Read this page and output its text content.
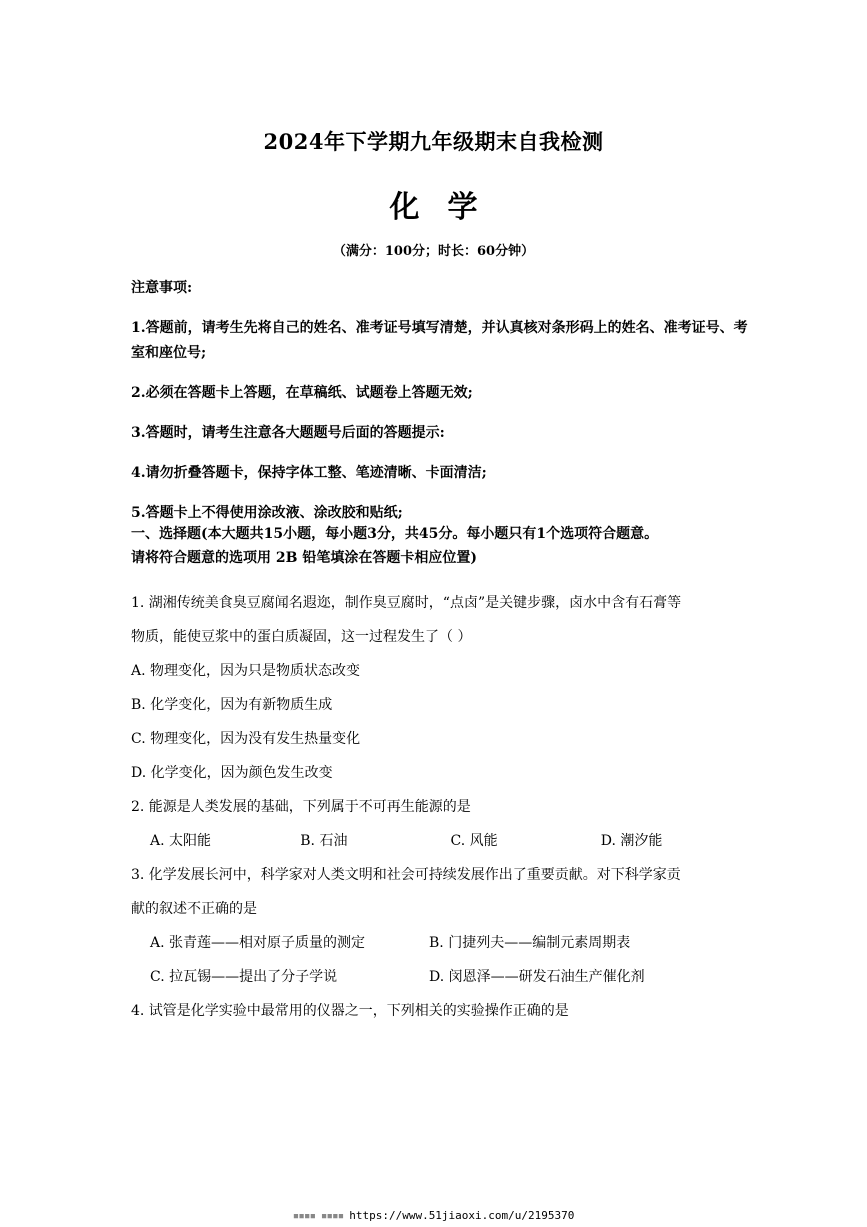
2024年下学期九年级期末自我检测
化学
（满分：100分；时长：60分钟）
注意事项:
1.答题前，请考生先将自己的姓名、准考证号填写清楚，并认真核对条形码上的姓名、准考证号、考室和座位号;
2.必须在答题卡上答题，在草稿纸、试题卷上答题无效;
3.答题时，请考生注意各大题题号后面的答题提示:
4.请勿折叠答题卡，保持字体工整、笔迹清晰、卡面清洁;
5.答题卡上不得使用涂改液、涂改胶和贴纸;
一、选择题(本大题共15小题，每小题3分，共45分。每小题只有1个选项符合题意。
请将符合题意的选项用 2B 铅笔填涂在答题卡相应位置)
1. 湖湘传统美食臭豆腐闻名遐迩，制作臭豆腐时，“点卤”是关键步骤，卤水中含有石膏等
物质，能使豆浆中的蛋白质凝固，这一过程发生了（ ）
A. 物理变化，因为只是物质状态改变
B. 化学变化，因为有新物质生成
C. 物理变化，因为没有发生热量变化
D. 化学变化，因为颜色发生改变
2. 能源是人类发展的基础，下列属于不可再生能源的是
A. 太阳能	B. 石油	C. 风能	D. 潮汐能
3. 化学发展长河中，科学家对人类文明和社会可持续发展作出了重要贡献。对下科学家贡
献的叙述不正确的是
A. 张青莲——相对原子质量的测定	B. 门捷列夫——编制元素周期表
C. 拉瓦锡——提出了分子学说	D. 闵恩泽——研发石油生产催化剂
4. 试管是化学实验中最常用的仪器之一，下列相关的实验操作正确的是
▪▪▪▪ ▪▪▪▪ https://www.51jiaoxi.com/u/2195370
